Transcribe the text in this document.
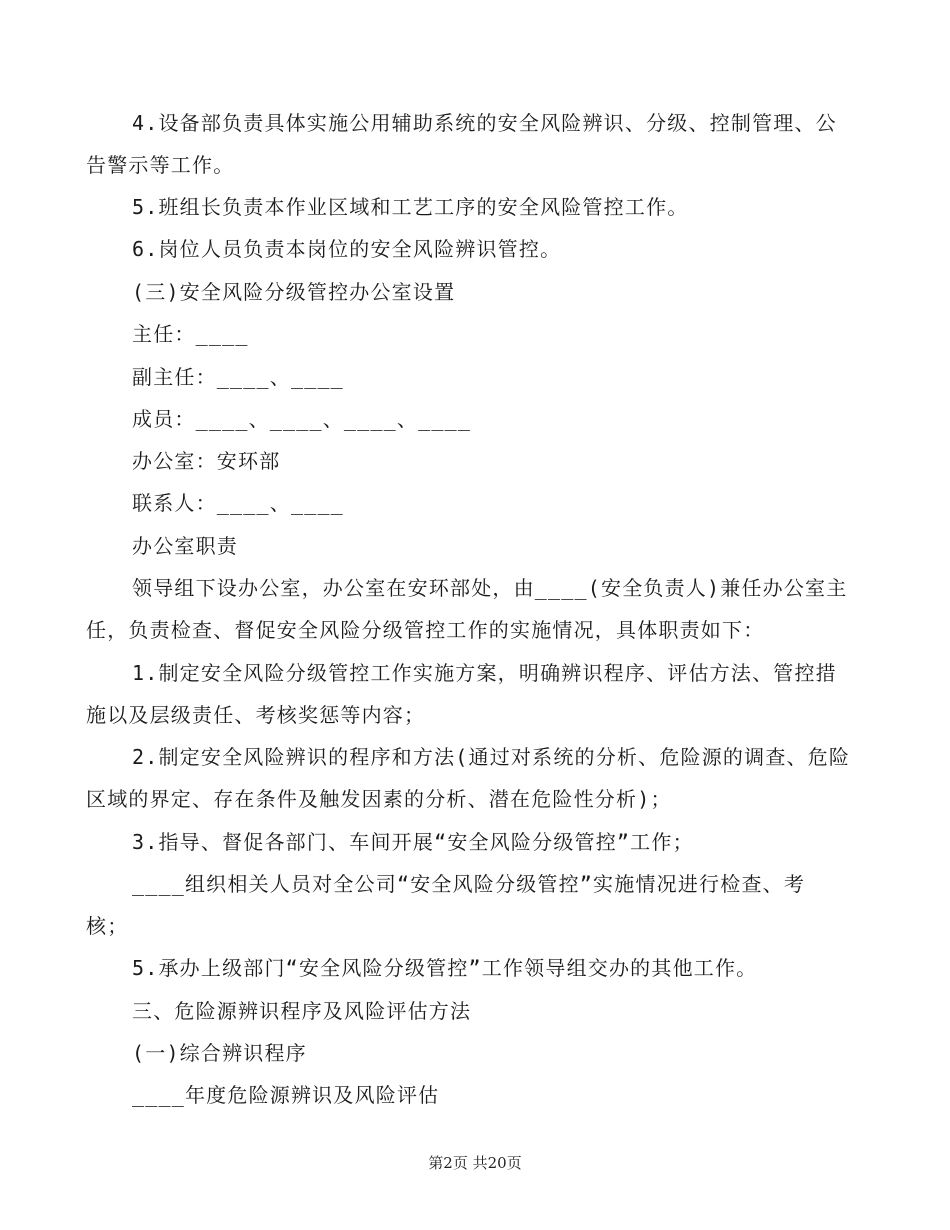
4.设备部负责具体实施公用辅助系统的安全风险辨识、分级、控制管理、公
告警示等工作。
5.班组长负责本作业区域和工艺工序的安全风险管控工作。
6.岗位人员负责本岗位的安全风险辨识管控。
(三)安全风险分级管控办公室设置
主任：____
副主任：____、____
成员：____、____、____、____
办公室：安环部
联系人：____、____
办公室职责
领导组下设办公室，办公室在安环部处，由____(安全负责人)兼任办公室主
任，负责检查、督促安全风险分级管控工作的实施情况，具体职责如下：
1.制定安全风险分级管控工作实施方案，明确辨识程序、评估方法、管控措
施以及层级责任、考核奖惩等内容；
2.制定安全风险辨识的程序和方法(通过对系统的分析、危险源的调查、危险
区域的界定、存在条件及触发因素的分析、潜在危险性分析)；
3.指导、督促各部门、车间开展“安全风险分级管控”工作；
____组织相关人员对全公司“安全风险分级管控”实施情况进行检查、考
核；
5.承办上级部门“安全风险分级管控”工作领导组交办的其他工作。
三、危险源辨识程序及风险评估方法
(一)综合辨识程序
____年度危险源辨识及风险评估
第2页 共20页
